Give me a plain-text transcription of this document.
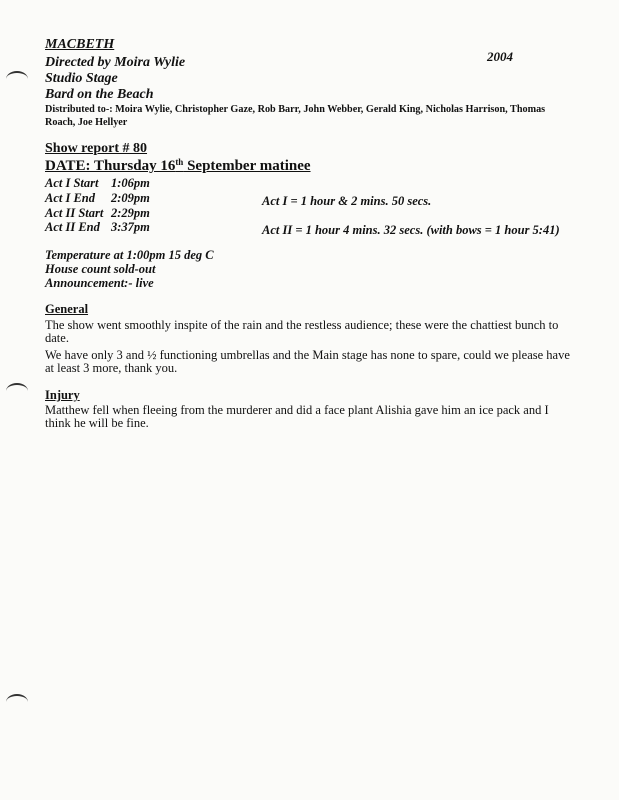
MACBETH
2004
Directed by Moira Wylie
Studio Stage
Bard on the Beach
Distributed to-: Moira Wylie, Christopher Gaze, Rob Barr, John Webber, Gerald King, Nicholas Harrison, Thomas
Roach, Joe Hellyer
Show report # 80
DATE: Thursday 16th September matinee
Act I Start 1:06pm
Act I End 2:09pm
Act II Start 2:29pm
Act II End 3:37pm
Act I = 1 hour & 2 mins. 50 secs.
Act II = 1 hour 4 mins. 32 secs. (with bows = 1 hour 5:41)
Temperature at 1:00pm 15 deg C
House count sold-out
Announcement:- live
General
The show went smoothly inspite of the rain and the restless audience; these were the chattiest bunch to
date.
We have only 3 and ½ functioning umbrellas and the Main stage has none to spare, could we please have
at least 3 more, thank you.
Injury
Matthew fell when fleeing from the murderer and did a face plant Alishia gave him an ice pack and I
think he will be fine.
